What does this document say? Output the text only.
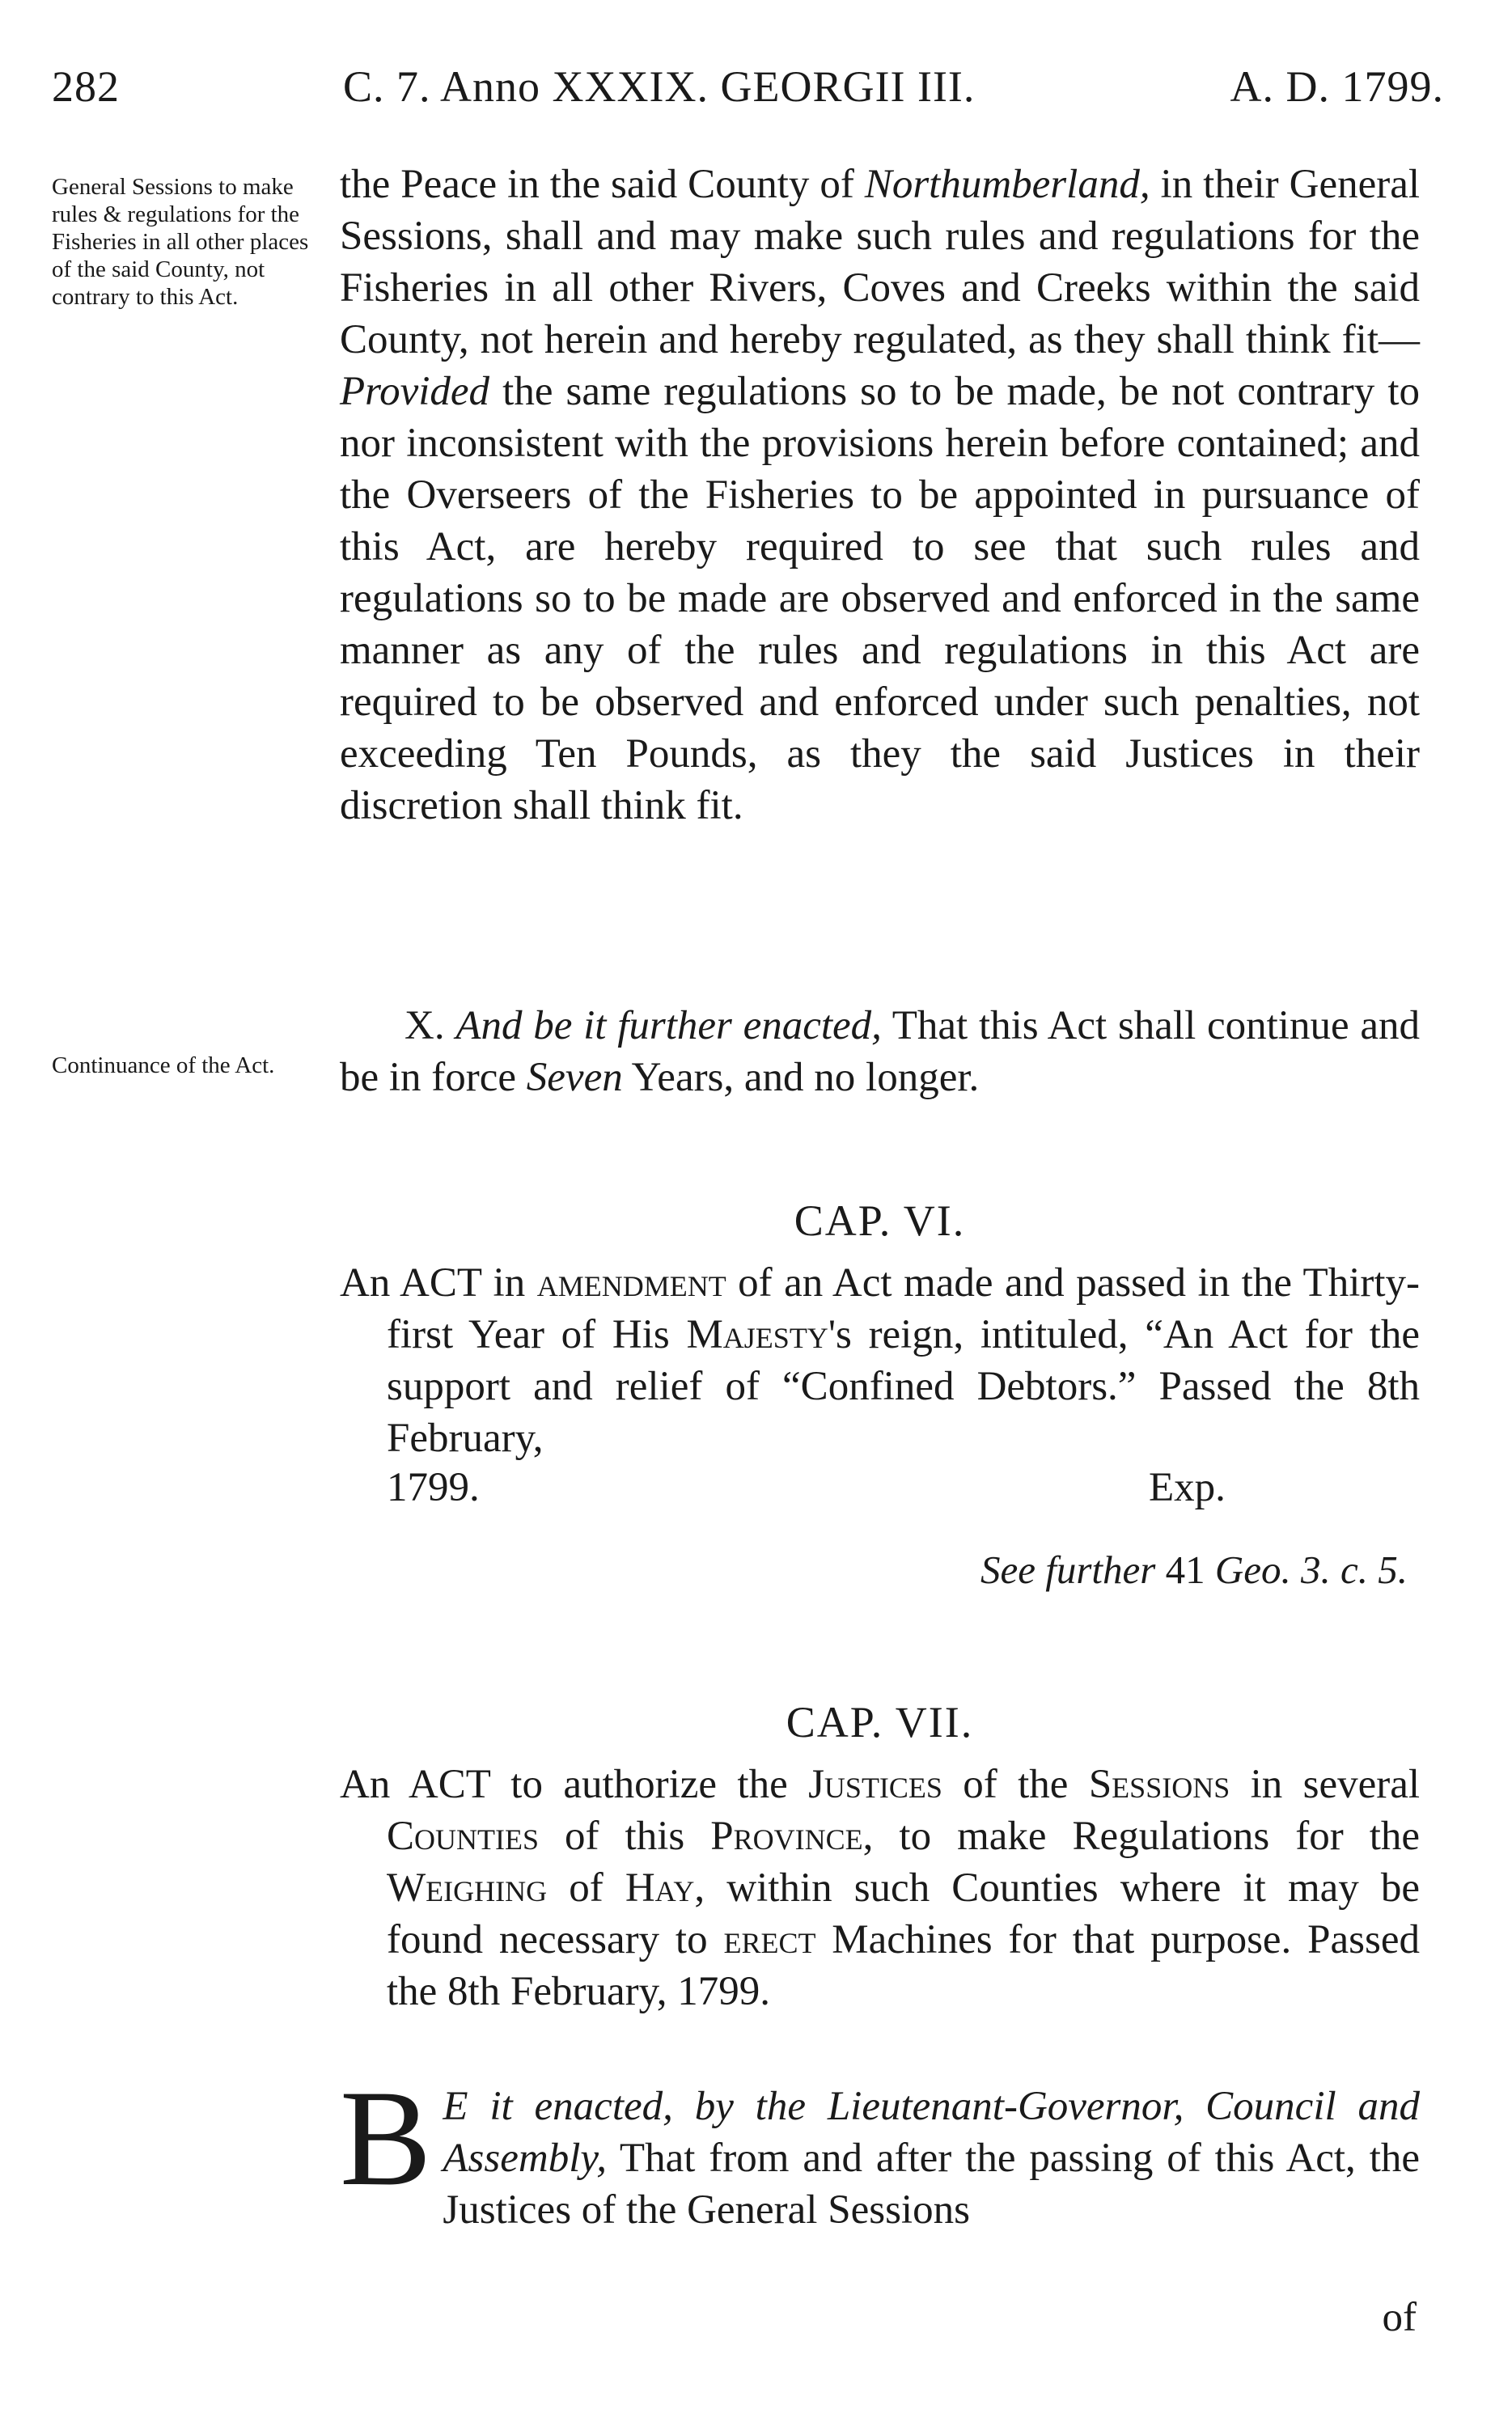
282	C. 7. Anno XXXIX. GEORGII III.	A. D. 1799.
General Sessions to make rules & regulations for the Fisheries in all other places of the said County, not contrary to this Act.

the Peace in the said County of Northumberland, in their General Sessions, shall and may make such rules and regulations for the Fisheries in all other Rivers, Coves and Creeks within the said County, not herein and hereby regulated, as they shall think fit—Provided the same regulations so to be made, be not contrary to nor inconsistent with the provisions herein before contained; and the Overseers of the Fisheries to be appointed in pursuance of this Act, are hereby required to see that such rules and regulations so to be made are observed and enforced in the same manner as any of the rules and regulations in this Act are required to be observed and enforced under such penalties, not exceeding Ten Pounds, as they the said Justices in their discretion shall think fit.

Continuance of the Act.

X. And be it further enacted, That this Act shall continue and be in force Seven Years, and no longer.

CAP. VI.

An ACT in amendment of an Act made and passed in the Thirty-first Year of His Majesty's reign, intituled, “An Act for the support and relief of “Confined Debtors.” Passed the 8th February,

1799.	Exp.
See further 41 Geo. 3. c. 5.
CAP. VII.

An ACT to authorize the Justices of the Sessions in several Counties of this Province, to make Regulations for the Weighing of Hay, within such Counties where it may be found necessary to erect Machines for that purpose. Passed the 8th February, 1799.

B E it enacted, by the Lieutenant-Governor, Council and Assembly, That from and after the passing of this Act, the Justices of the General Sessions

of
